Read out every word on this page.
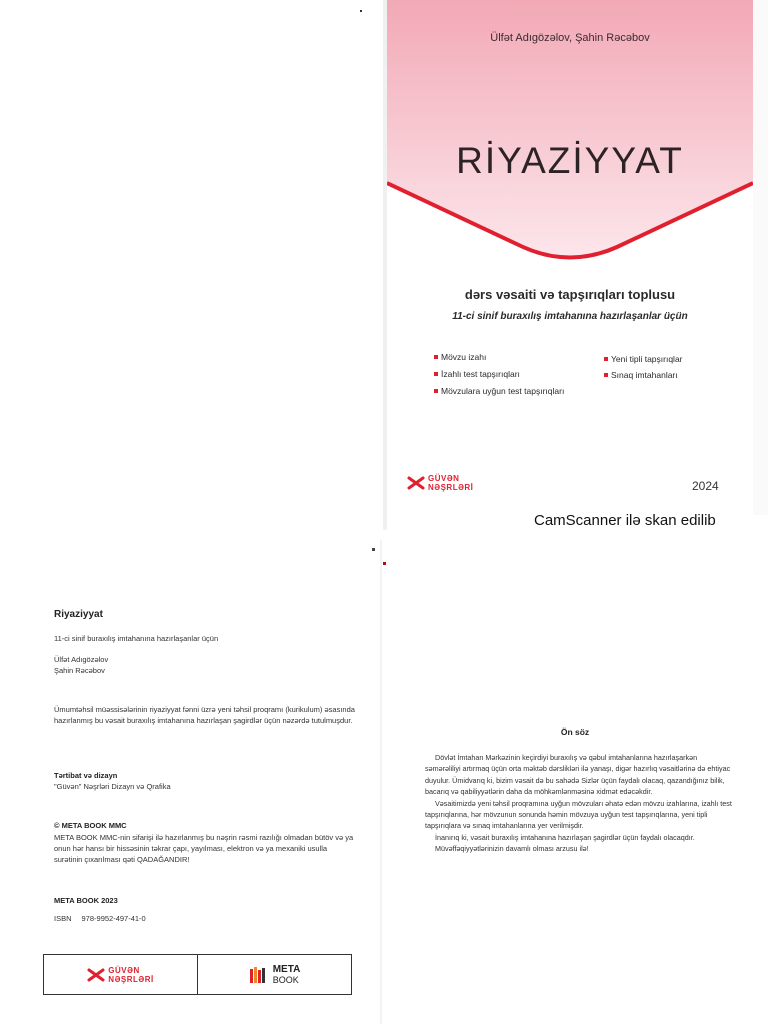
Ülfət Adıgözəlov, Şahin Rəcəbov
RİYAZİYYAT
dərs vəsaiti və tapşırıqları toplusu
11-ci sinif buraxılış imtahanına hazırlaşanlar üçün
Mövzu izahı
İzahlı test tapşırıqları
Mövzulara uyğun test tapşırıqları
Yeni tipli tapşırıqlar
Sınaq imtahanları
GÜVƏN
NƏŞRLƏRİ	2024
CamScanner ilə skan edilib
Riyaziyyat
11-ci sinif buraxılış imtahanına hazırlaşanlar üçün
Ülfət Adıgözəlov
Şahin Rəcəbov
Ümumtəhsil müəssisələrinin riyaziyyat fənni üzrə yeni təhsil proqramı (kurikulum) əsasında hazırlanmış bu vəsait buraxılış imtahanına hazırlaşan şagirdlər üçün nəzərdə tutulmuşdur.
Tərtibat və dizayn
"Güvən" Nəşrləri Dizayn və Qrafika
© META BOOK MMC
META BOOK MMC-nin sifarişi ilə hazırlanmış bu nəşrin rəsmi razılığı olmadan bütöv və ya onun hər hansı bir hissəsinin təkrar çapı, yayılması, elektron və ya mexaniki usulla surətinin çıxarılması qəti QADAĞANDIR!
META BOOK 2023
ISBN 978-9952-497-41-0
GÜVƏN
NƏŞRLƏRİ
META
BOOK
Ön söz

Dövlət İmtahan Mərkəzinin keçirdiyi buraxılış və qəbul imtahanlarına hazırlaşarkən səmərəliliyi artırmaq üçün orta məktəb dərslikləri ilə yanaşı, digər hazırlıq vəsaitlərinə də ehtiyac duyulur. Ümidvarıq ki, bizim vəsait də bu sahədə Sizlər üçün faydalı olacaq, qazandığınız bilik, bacarıq və qabiliyyətlərin daha da möhkəmlənməsinə xidmət edəcəkdir.

Vəsaitimizdə yeni təhsil proqramına uyğun mövzuları əhatə edən mövzu izahlarına, izahlı test tapşırıqlarına, hər mövzunun sonunda həmin mövzuya uyğun test tapşırıqlarına, yeni tipli tapşırıqlara və sınaq imtahanlarına yer verilmişdir.

İnanırıq ki, vəsait buraxılış imtahanına hazırlaşan şagirdlər üçün faydalı olacaqdır.

Müvəffəqiyyətlərinizin davamlı olması arzusu ilə!
